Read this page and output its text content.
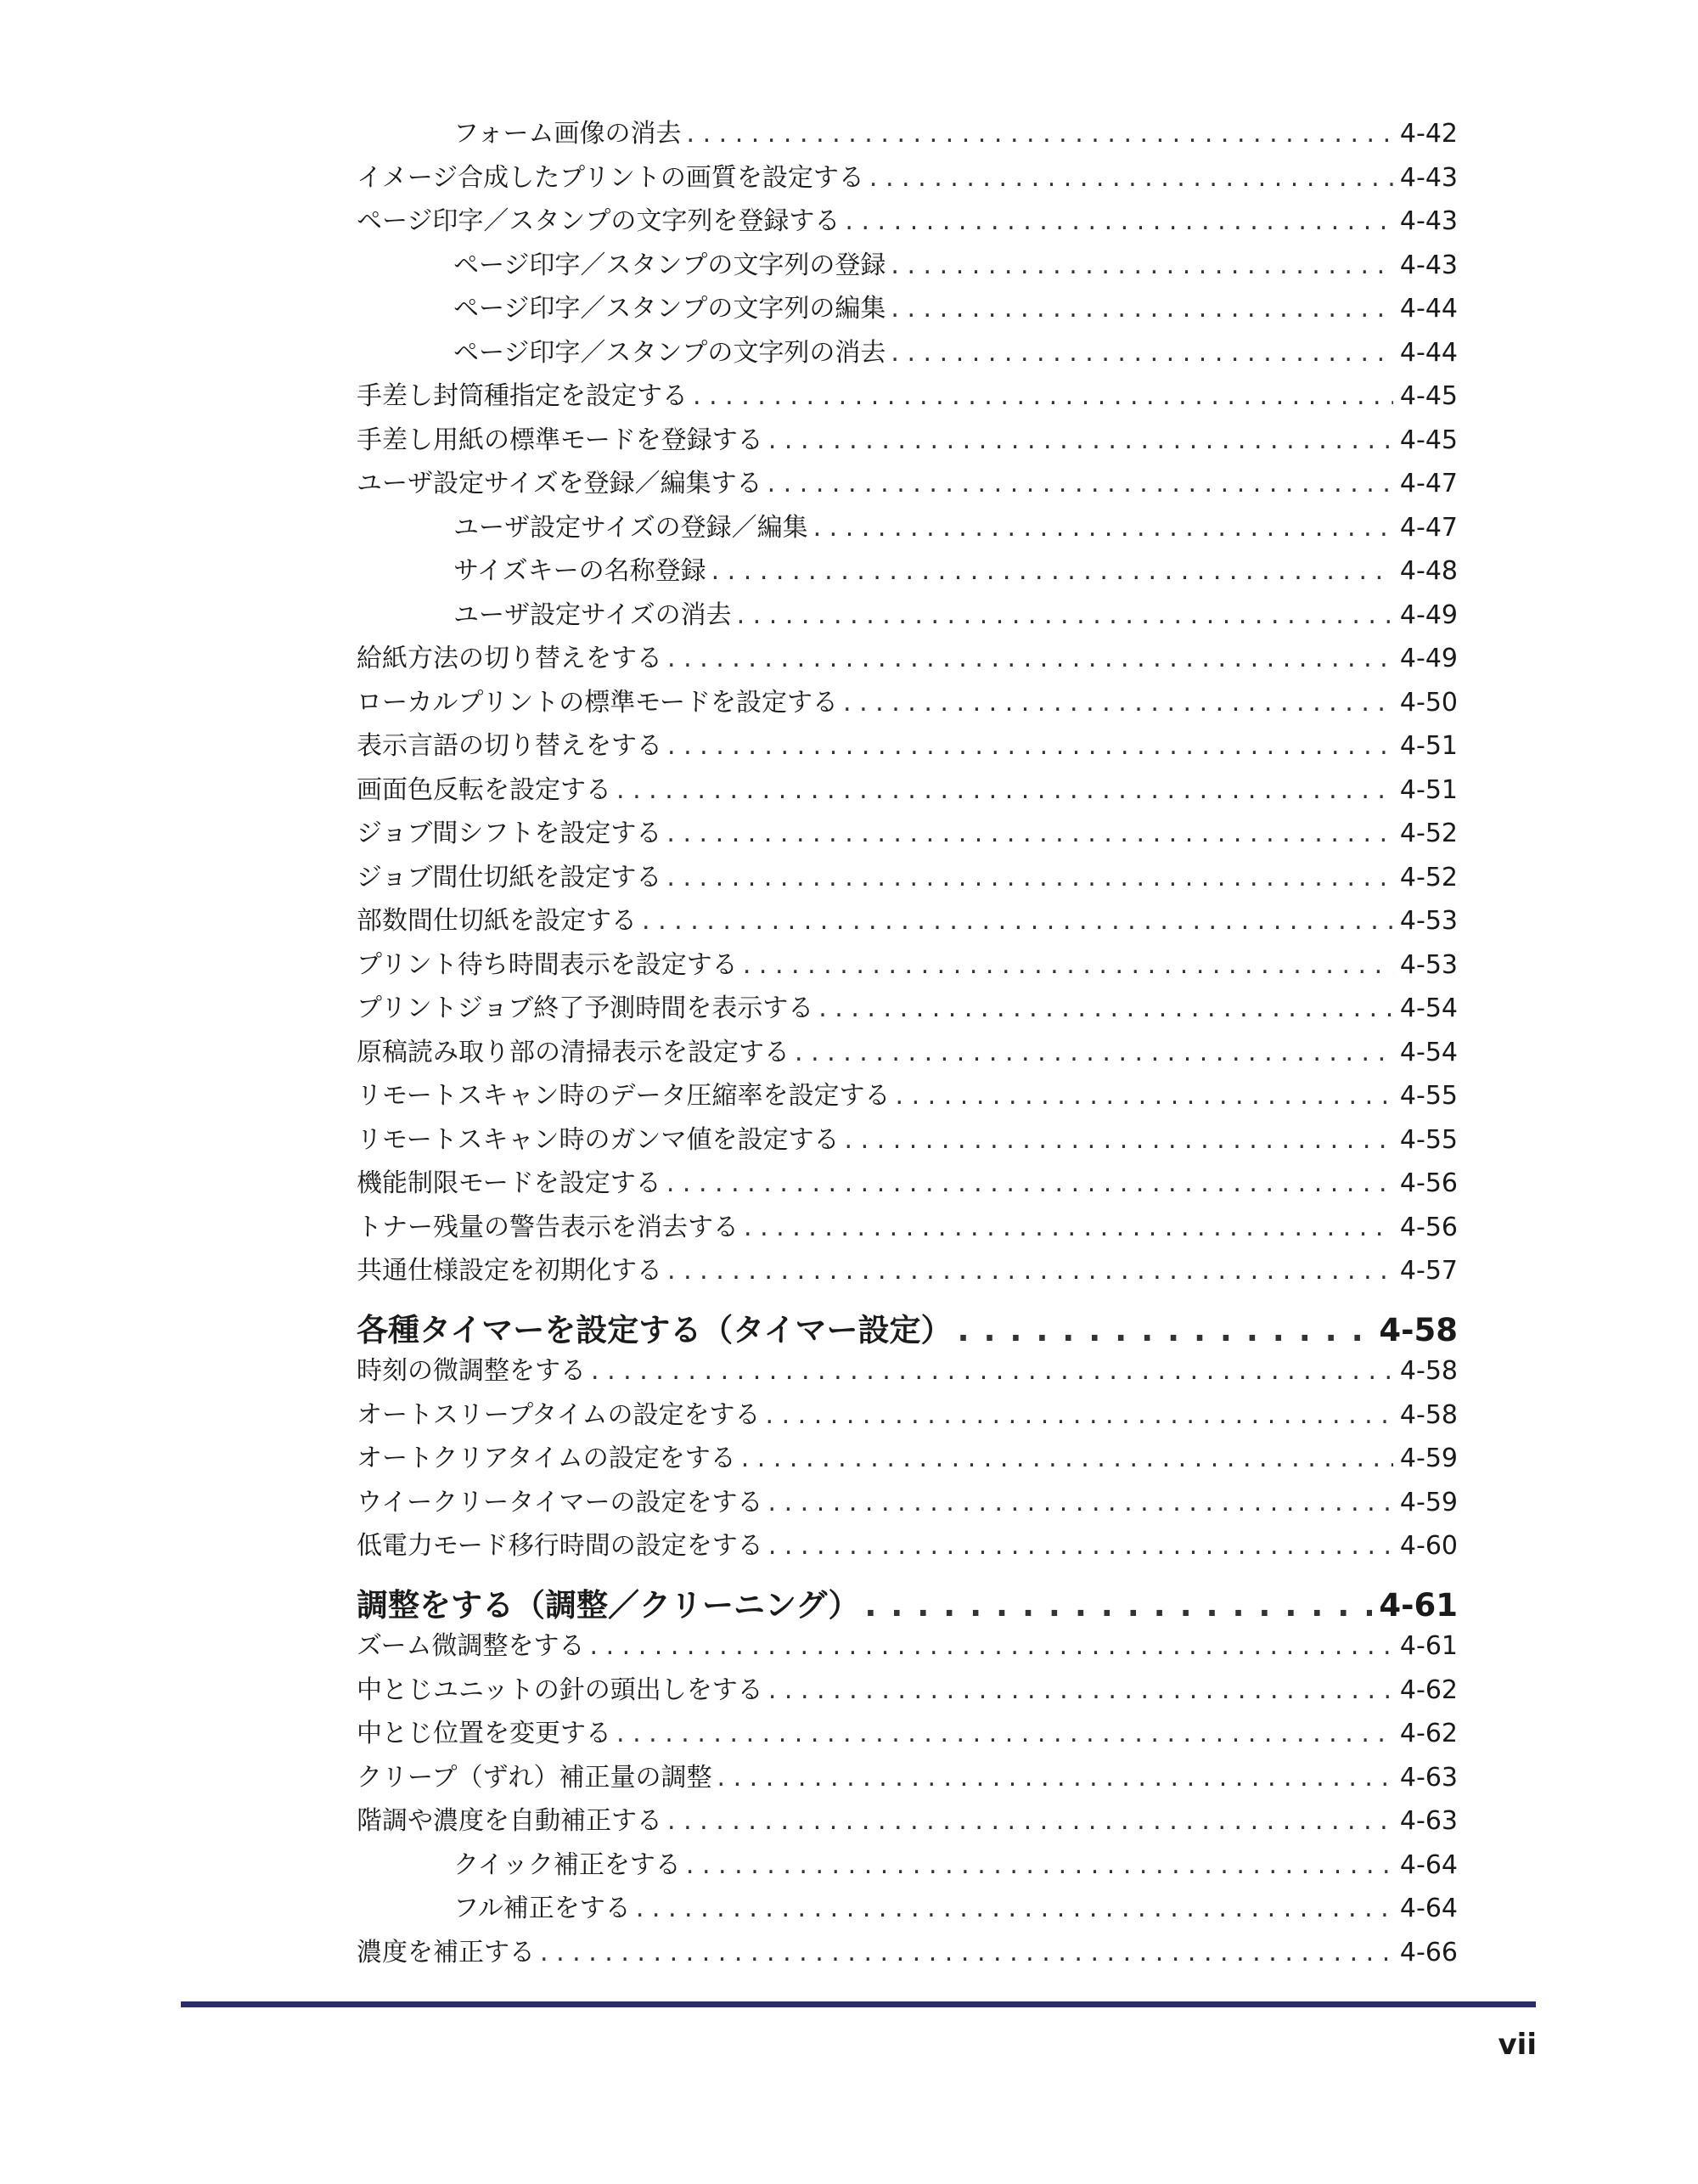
フォーム画像の消去 . . .	4-42
イメージ合成したプリントの画質を設定する . . .	4-43
ページ印字／スタンプの文字列を登録する . . .	4-43
ページ印字／スタンプの文字列の登録 . . .	4-43
ページ印字／スタンプの文字列の編集 . . .	4-44
ページ印字／スタンプの文字列の消去 . . .	4-44
手差し封筒種指定を設定する . . .	4-45
手差し用紙の標準モードを登録する . . .	4-45
ユーザ設定サイズを登録／編集する . . .	4-47
ユーザ設定サイズの登録／編集 . . .	4-47
サイズキーの名称登録 . . .	4-48
ユーザ設定サイズの消去 . . .	4-49
給紙方法の切り替えをする . . .	4-49
ローカルプリントの標準モードを設定する . . .	4-50
表示言語の切り替えをする . . .	4-51
画面色反転を設定する . . .	4-51
ジョブ間シフトを設定する . . .	4-52
ジョブ間仕切紙を設定する . . .	4-52
部数間仕切紙を設定する . . .	4-53
プリント待ち時間表示を設定する . . .	4-53
プリントジョブ終了予測時間を表示する . . .	4-54
原稿読み取り部の清掃表示を設定する . . .	4-54
リモートスキャン時のデータ圧縮率を設定する . . .	4-55
リモートスキャン時のガンマ値を設定する . . .	4-55
機能制限モードを設定する . . .	4-56
トナー残量の警告表示を消去する . . .	4-56
共通仕様設定を初期化する . . .	4-57
各種タイマーを設定する（タイマー設定） . . .	4-58
時刻の微調整をする . . .	4-58
オートスリープタイムの設定をする . . .	4-58
オートクリアタイムの設定をする . . .	4-59
ウイークリータイマーの設定をする . . .	4-59
低電力モード移行時間の設定をする . . .	4-60
調整をする（調整／クリーニング） . . .	4-61
ズーム微調整をする . . .	4-61
中とじユニットの針の頭出しをする . . .	4-62
中とじ位置を変更する . . .	4-62
クリープ（ずれ）補正量の調整 . . .	4-63
階調や濃度を自動補正する . . .	4-63
クイック補正をする . . .	4-64
フル補正をする . . .	4-64
濃度を補正する . . .	4-66
vii
